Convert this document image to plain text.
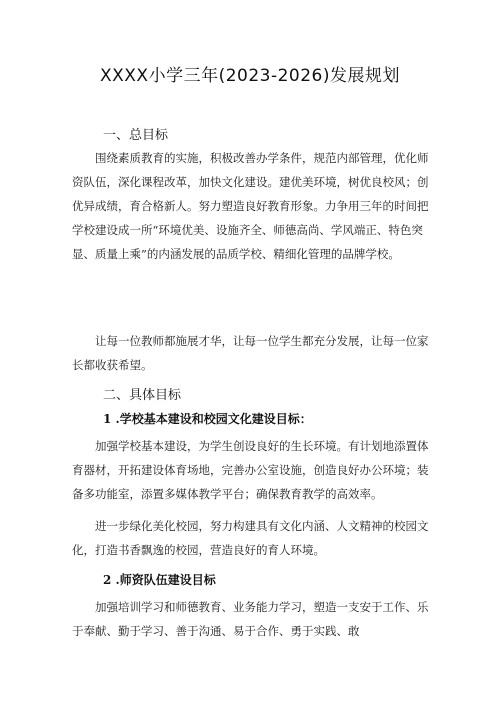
XXXX小学三年(2023-2026)发展规划
一、总目标

围绕素质教育的实施，积极改善办学条件，规范内部管理，优化师资队伍，深化课程改革，加快文化建设。建优美环境，树优良校风；创优异成绩，育合格新人。努力塑造良好教育形象。力争用三年的时间把学校建设成一所“环境优美、设施齐全、师德高尚、学风端正、特色突显、质量上乘”的内涵发展的品质学校、精细化管理的品牌学校。

让每一位教师都施展才华，让每一位学生都充分发展，让每一位家长都收获希望。

二、具体目标
1 .学校基本建设和校园文化建设目标：

加强学校基本建设，为学生创设良好的生长环境。有计划地添置体育器材，开拓建设体育场地，完善办公室设施，创造良好办公环境；装备多功能室，添置多媒体教学平台；确保教育教学的高效率。

进一步绿化美化校园，努力构建具有文化内涵、人文精神的校园文化，打造书香飘逸的校园，营造良好的育人环境。

2 .师资队伍建设目标

加强培训学习和师德教育、业务能力学习，塑造一支安于工作、乐于奉献、勤于学习、善于沟通、易于合作、勇于实践、敢
